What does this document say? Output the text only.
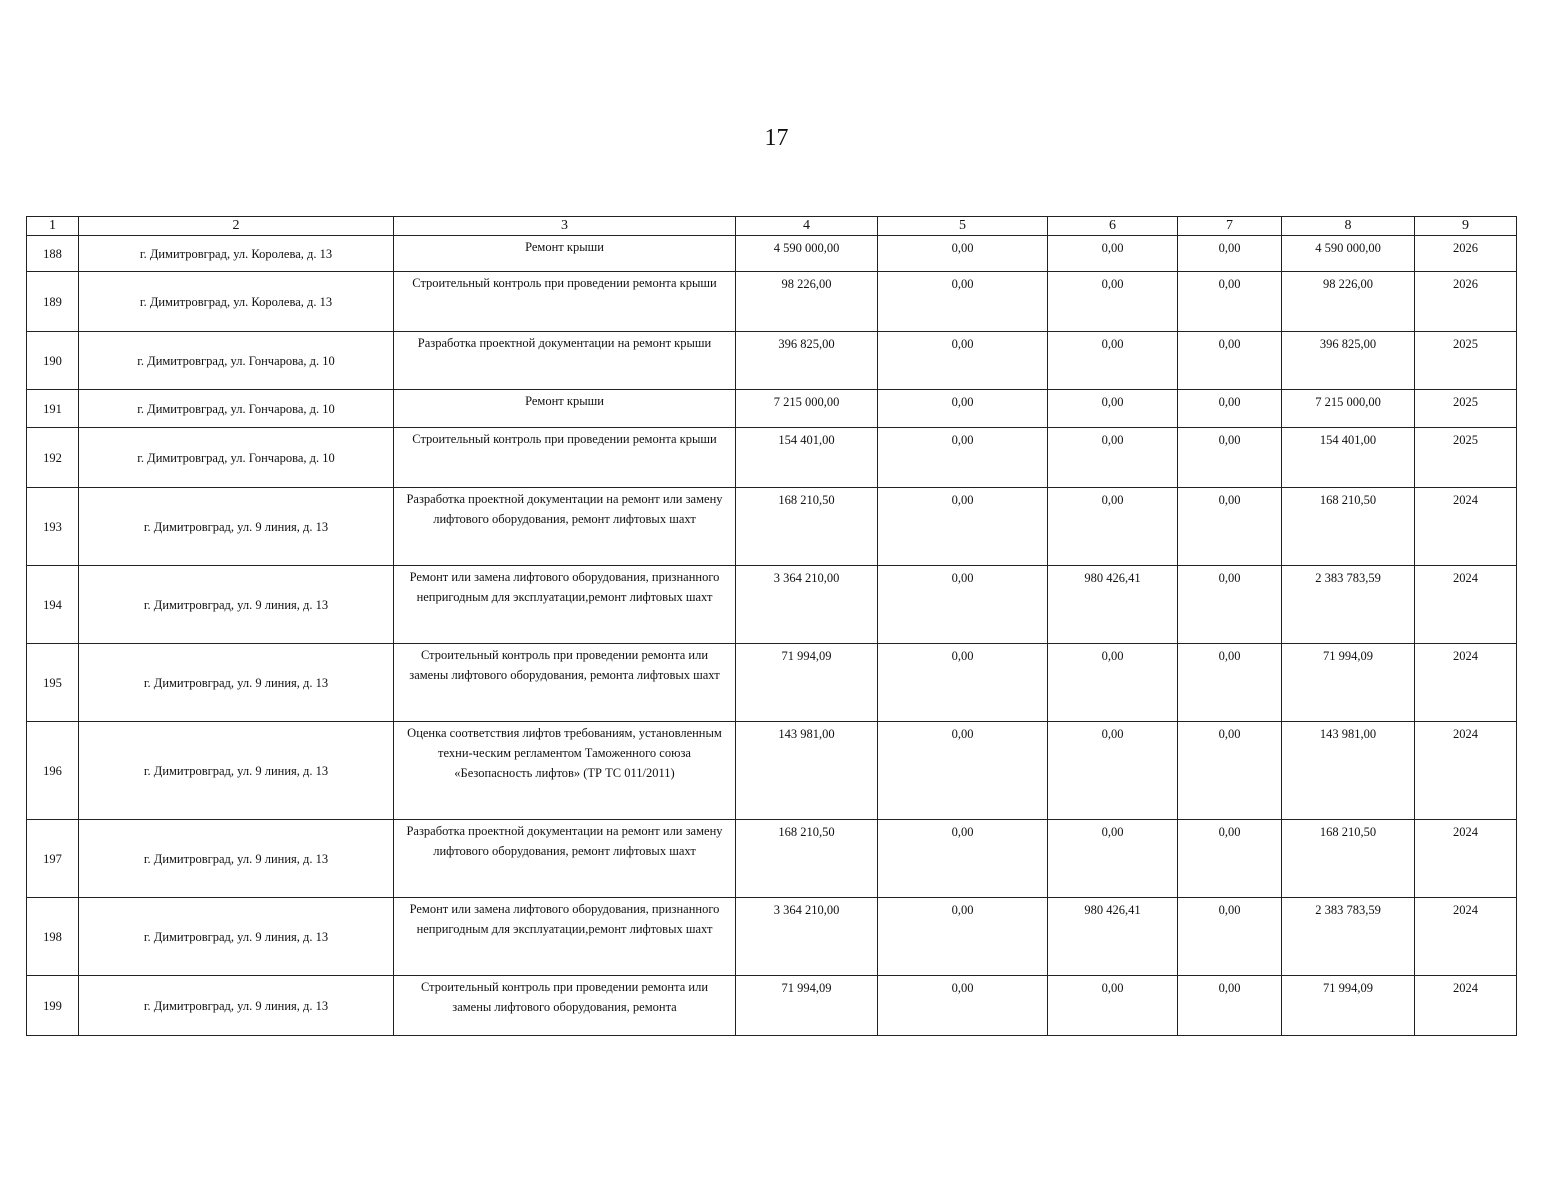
17
1	2	3	4	5	6	7	8	9
188	г. Димитровград, ул. Королева, д. 13	Ремонт крыши	4 590 000,00	0,00	0,00	0,00	4 590 000,00	2026
189	г. Димитровград, ул. Королева, д. 13	Строительный контроль при проведении ремонта крыши	98 226,00	0,00	0,00	0,00	98 226,00	2026
190	г. Димитровград, ул. Гончарова, д. 10	Разработка проектной документации на ремонт крыши	396 825,00	0,00	0,00	0,00	396 825,00	2025
191	г. Димитровград, ул. Гончарова, д. 10	Ремонт крыши	7 215 000,00	0,00	0,00	0,00	7 215 000,00	2025
192	г. Димитровград, ул. Гончарова, д. 10	Строительный контроль при проведении ремонта крыши	154 401,00	0,00	0,00	0,00	154 401,00	2025
193	г. Димитровград, ул. 9 линия, д. 13	Разработка проектной документации на ремонт или замену лифтового оборудования, ремонт лифтовых шахт	168 210,50	0,00	0,00	0,00	168 210,50	2024
194	г. Димитровград, ул. 9 линия, д. 13	Ремонт или замена лифтового оборудования, признанного непригодным для эксплуатации,ремонт лифтовых шахт	3 364 210,00	0,00	980 426,41	0,00	2 383 783,59	2024
195	г. Димитровград, ул. 9 линия, д. 13	Строительный контроль при проведении ремонта или замены лифтового оборудования, ремонта лифтовых шахт	71 994,09	0,00	0,00	0,00	71 994,09	2024
196	г. Димитровград, ул. 9 линия, д. 13	Оценка соответствия лифтов требованиям, установленным техни-ческим регламентом Таможенного союза «Безопасность лифтов» (ТР ТС 011/2011)	143 981,00	0,00	0,00	0,00	143 981,00	2024
197	г. Димитровград, ул. 9 линия, д. 13	Разработка проектной документации на ремонт или замену лифтового оборудования, ремонт лифтовых шахт	168 210,50	0,00	0,00	0,00	168 210,50	2024
198	г. Димитровград, ул. 9 линия, д. 13	Ремонт или замена лифтового оборудования, признанного непригодным для эксплуатации,ремонт лифтовых шахт	3 364 210,00	0,00	980 426,41	0,00	2 383 783,59	2024
199	г. Димитровград, ул. 9 линия, д. 13	Строительный контроль при проведении ремонта или замены лифтового оборудования, ремонта	71 994,09	0,00	0,00	0,00	71 994,09	2024
